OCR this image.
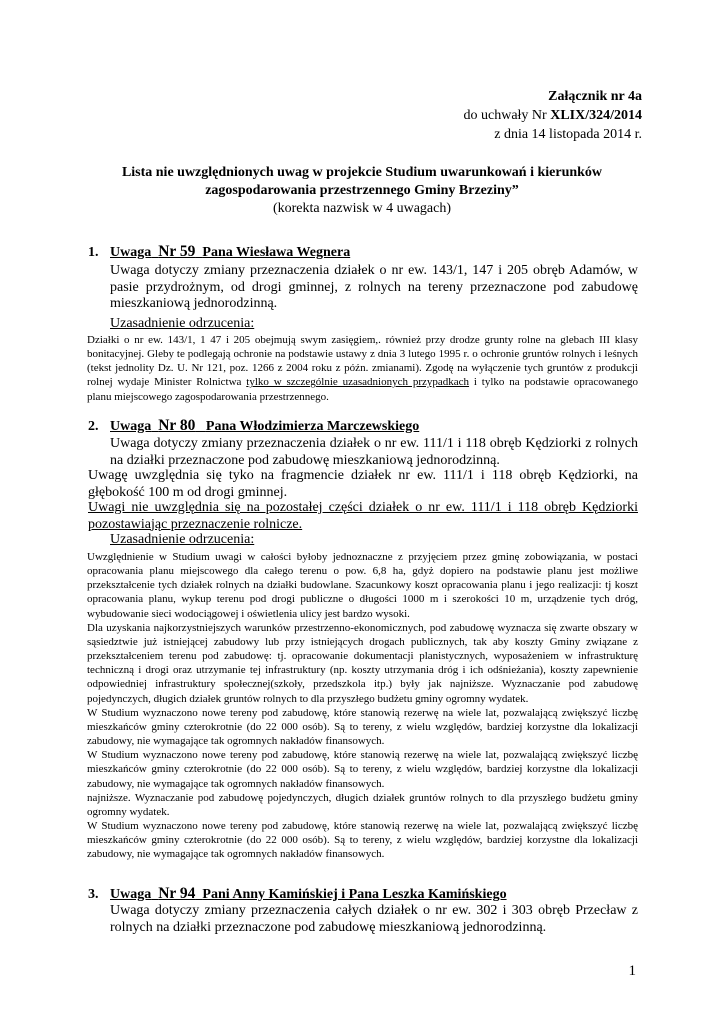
Załącznik nr 4a
do uchwały Nr XLIX/324/2014
z dnia 14 listopada 2014 r.
Lista nie uwzględnionych uwag w projekcie Studium uwarunkowań i kierunków
zagospodarowania przestrzennego Gminy Brzeziny”
(korekta nazwisk w 4 uwagach)
1. Uwaga Nr 59 Pana Wiesława Wegnera
Uwaga dotyczy zmiany przeznaczenia działek o nr ew. 143/1, 147 i 205 obręb Adamów, w pasie przydrożnym, od drogi gminnej, z rolnych na tereny przeznaczone pod zabudowę mieszkaniową jednorodzinną.
Uzasadnienie odrzucenia:
Działki o nr ew. 143/1, 1 47 i 205 obejmują swym zasięgiem,. również przy drodze grunty rolne na glebach III klasy bonitacyjnej. Gleby te podlegają ochronie na podstawie ustawy z dnia 3 lutego 1995 r. o ochronie gruntów rolnych i leśnych (tekst jednolity Dz. U. Nr 121, poz. 1266 z 2004 roku z późn. zmianami). Zgodę na wyłączenie tych gruntów z produkcji rolnej wydaje Minister Rolnictwa tylko w szczególnie uzasadnionych przypadkach i tylko na podstawie opracowanego planu miejscowego zagospodarowania przestrzennego.
2. Uwaga Nr 80 Pana Włodzimierza Marczewskiego
Uwaga dotyczy zmiany przeznaczenia działek o nr ew. 111/1 i 118 obręb Kędziorki z rolnych na działki przeznaczone pod zabudowę mieszkaniową jednorodzinną.
Uwagę uwzględnia się tyko na fragmencie działek nr ew. 111/1 i 118 obręb Kędziorki, na głębokość 100 m od drogi gminnej.
Uwagi nie uwzględnia się na pozostałej części działek o nr ew. 111/1 i 118 obręb Kędziorki pozostawiając przeznaczenie rolnicze.
Uzasadnienie odrzucenia:

Uwzględnienie w Studium uwagi w całości byłoby jednoznaczne z przyjęciem przez gminę zobowiązania, w postaci opracowania planu miejscowego dla całego terenu o pow. 6,8 ha, gdyż dopiero na podstawie planu jest możliwe przekształcenie tych działek rolnych na działki budowlane. Szacunkowy koszt opracowania planu i jego realizacji: tj koszt opracowania planu, wykup terenu pod drogi publiczne o długości 1000 m i szerokości 10 m, urządzenie tych dróg, wybudowanie sieci wodociągowej i oświetlenia ulicy jest bardzo wysoki.

Dla uzyskania najkorzystniejszych warunków przestrzenno-ekonomicznych, pod zabudowę wyznacza się zwarte obszary w sąsiedztwie już istniejącej zabudowy lub przy istniejących drogach publicznych, tak aby koszty Gminy związane z przekształceniem terenu pod zabudowę: tj. opracowanie dokumentacji planistycznych, wyposażeniem w infrastrukturę techniczną i drogi oraz utrzymanie tej infrastruktury (np. koszty utrzymania dróg i ich odśnieżania), koszty zapewnienie odpowiedniej infrastruktury społecznej(szkoły, przedszkola itp.) były jak najniższe. Wyznaczanie pod zabudowę pojedynczych, długich działek gruntów rolnych to dla przyszłego budżetu gminy ogromny wydatek.

W Studium wyznaczono nowe tereny pod zabudowę, które stanowią rezerwę na wiele lat, pozwalającą zwiększyć liczbę mieszkańców gminy czterokrotnie (do 22 000 osób). Są to tereny, z wielu względów, bardziej korzystne dla lokalizacji zabudowy, nie wymagające tak ogromnych nakładów finansowych.

W Studium wyznaczono nowe tereny pod zabudowę, które stanowią rezerwę na wiele lat, pozwalającą zwiększyć liczbę mieszkańców gminy czterokrotnie (do 22 000 osób). Są to tereny, z wielu względów, bardziej korzystne dla lokalizacji zabudowy, nie wymagające tak ogromnych nakładów finansowych.

najniższe. Wyznaczanie pod zabudowę pojedynczych, długich działek gruntów rolnych to dla przyszłego budżetu gminy ogromny wydatek.

W Studium wyznaczono nowe tereny pod zabudowę, które stanowią rezerwę na wiele lat, pozwalającą zwiększyć liczbę mieszkańców gminy czterokrotnie (do 22 000 osób). Są to tereny, z wielu względów, bardziej korzystne dla lokalizacji zabudowy, nie wymagające tak ogromnych nakładów finansowych.

3. Uwaga Nr 94 Pani Anny Kamińskiej i Pana Leszka Kamińskiego
Uwaga dotyczy zmiany przeznaczenia całych działek o nr ew. 302 i 303 obręb Przecław z rolnych na działki przeznaczone pod zabudowę mieszkaniową jednorodzinną.
1
